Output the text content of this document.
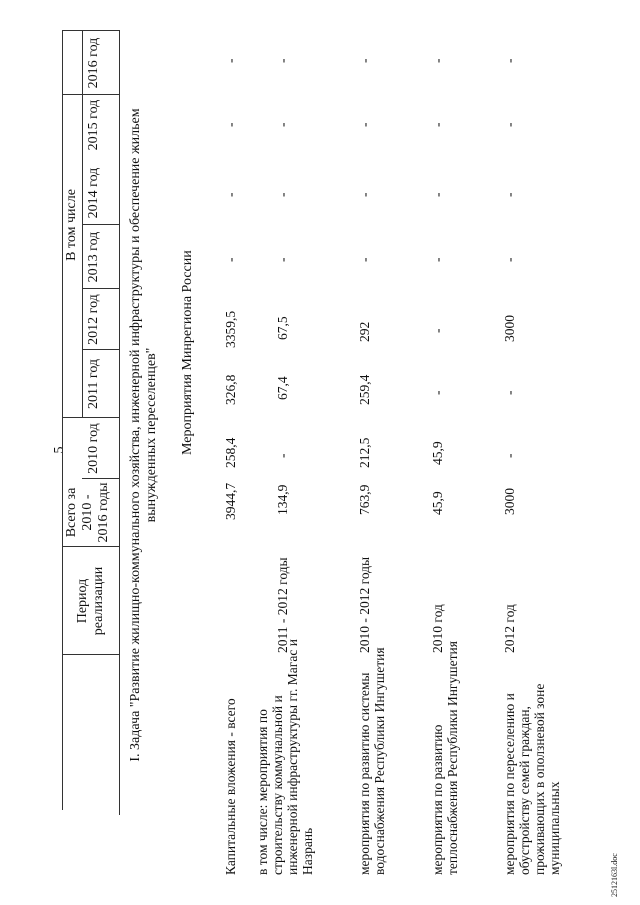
5
Период реализации
Всего за 2010 - 2016 годы
В том числе
2010 год
2011 год
2012 год
2013 год
2014 год
2015 год
2016 год
I. Задача "Развитие жилищно-коммунального хозяйства, инженерной инфраструктуры и обеспечение жильем вынужденных переселенцев" Мероприятия Минрегиона России
Капитальные вложения - всего
3944,7
258,4
326,8
3359,5
-
-
-
-
в том числе: мероприятия по строительству коммунальной и инженерной инфраструктуры гг. Магас и Назрань
2011 - 2012 годы
134,9
-
67,4
67,5
-
-
-
-
мероприятия по развитию системы водоснабжения Республики Ингушетия
2010 - 2012 годы
763,9
212,5
259,4
292
-
-
-
-
мероприятия по развитию теплоснабжения Республики Ингушетия
2010 год
45,9
45,9
-
-
-
-
-
-
мероприятия по переселению и обустройству семей граждан, проживающих в оползневой зоне муниципальных
2012 год
3000
-
-
3000
-
-
-
-
2512163l.doc
